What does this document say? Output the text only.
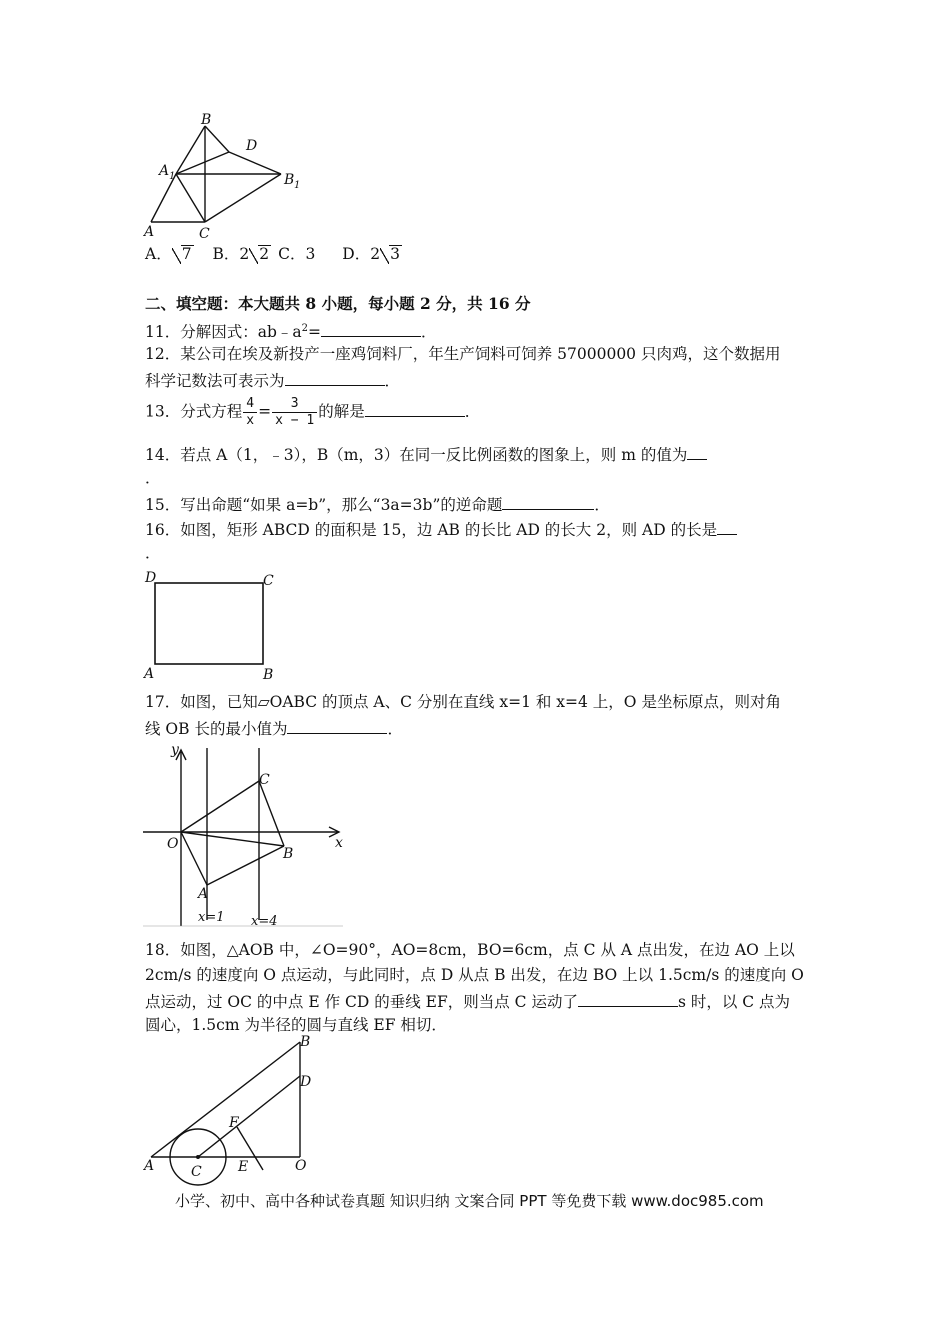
B
D
A 1	B 1
A	C
A． 7 B．2 2 C．3 D．2 3
二、填空题：本大题共 8 小题，每小题 2 分，共 16 分
11．分解因式：$ab﹣a^2=$	．
12．某公司在埃及新投产一座鸡饲料厂，年生产饲料可饲养 57000000 只肉鸡，这个数据用
科学记数法可表示为	．
13．分式方程 $\frac{4}{x} = \frac{3}{x - 1}$ 的解是	．
14．若点 A（1，﹣3），B（m，3）在同一反比例函数的图象上，则 m 的值为
．
15．写出命题“如果 a=b”，那么“3a=3b”的逆命题	．
16．如图，矩形 ABCD 的面积是 15，边 AB 的长比 AD 的长大 2，则 AD 的长是
．
D	C
A	B
17．如图，已知▱OABC 的顶点 A、C 分别在直线 x=1 和 x=4 上，O 是坐标原点，则对角
线 OB 长的最小值为	．
y
x
O
C
B
A
x=1 x=4
18．如图，△AOB 中，∠O=90°，AO=8cm，BO=6cm，点 C 从 A 点出发，在边 AO 上以
2cm/s 的速度向 O 点运动，与此同时，点 D 从点 B 出发，在边 BO 上以 1.5cm/s 的速度向 O
点运动，过 OC 的中点 E 作 CD 的垂线 EF，则当点 C 运动了	s 时，以 C 点为
圆心，1.5cm 为半径的圆与直线 EF 相切．
B
D
F
A	C	E	O
小学、初中、高中各种试卷真题 知识归纳 文案合同 PPT 等免费下载 www.doc985.com
